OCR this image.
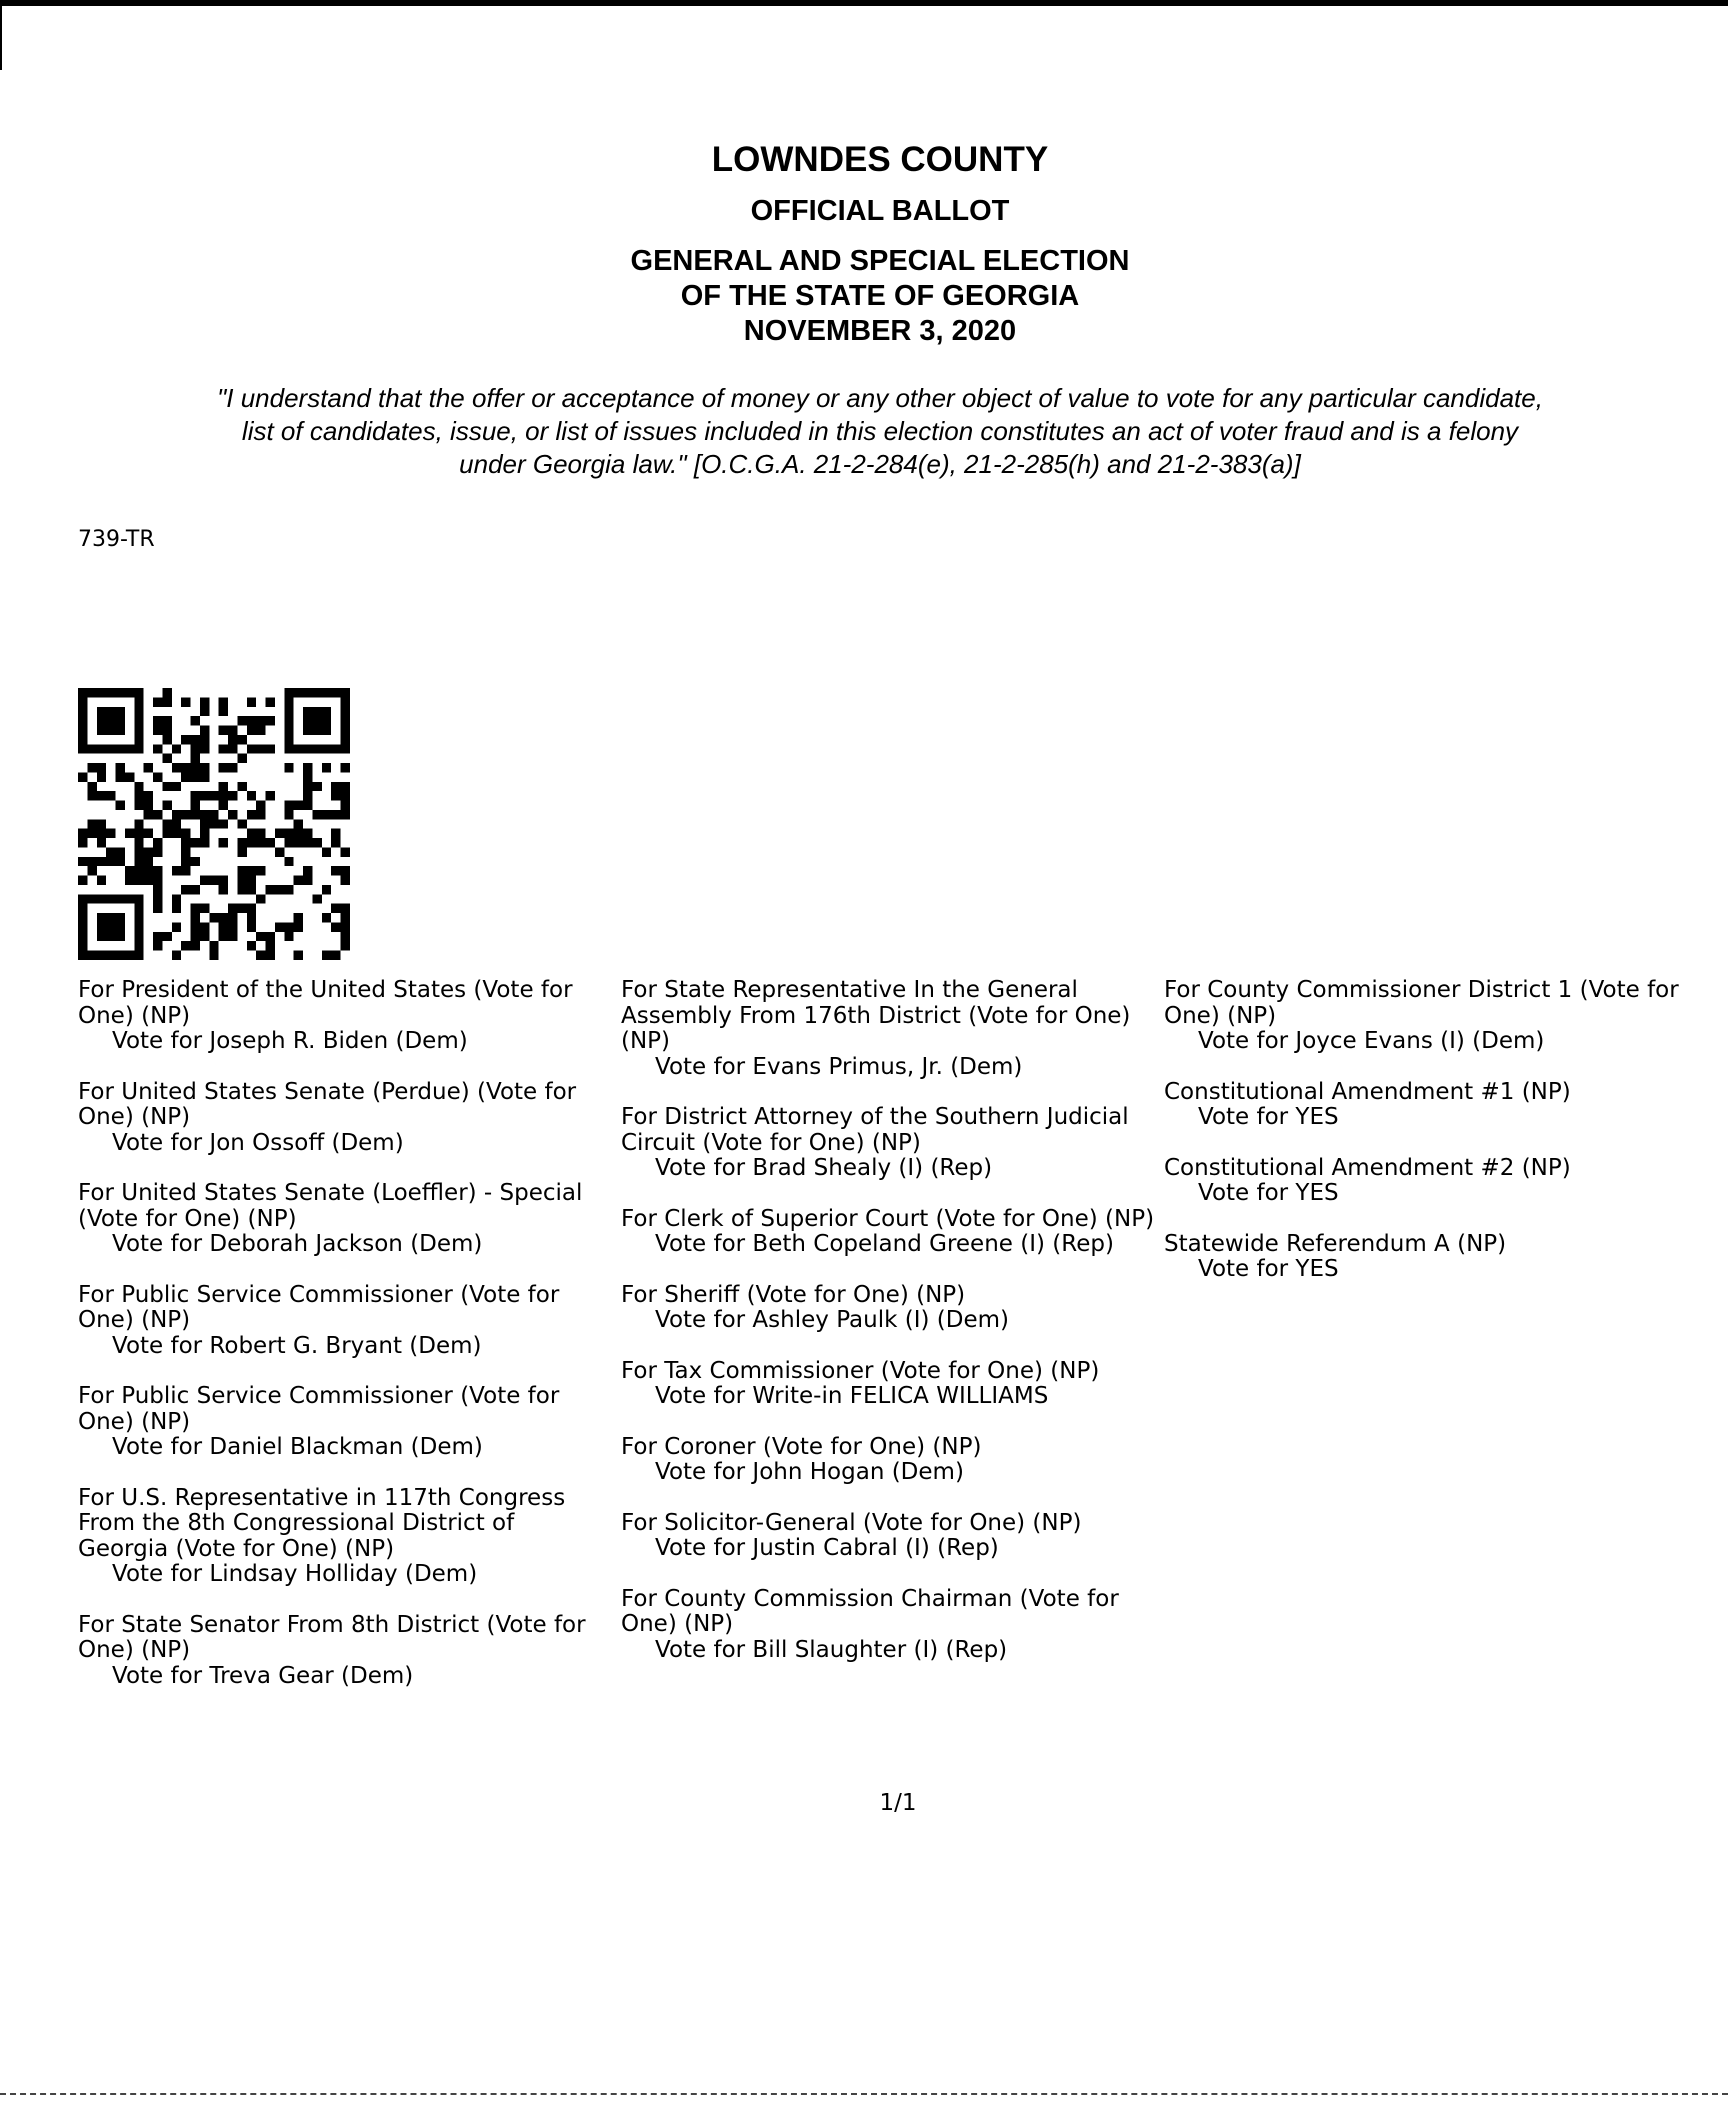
LOWNDES COUNTY
OFFICIAL BALLOT
GENERAL AND SPECIAL ELECTION
OF THE STATE OF GEORGIA
NOVEMBER 3, 2020
"I understand that the offer or acceptance of money or any other object of value to vote for any particular candidate,
list of candidates, issue, or list of issues included in this election constitutes an act of voter fraud and is a felony
under Georgia law." [O.C.G.A. 21-2-284(e), 21-2-285(h) and 21-2-383(a)]
739-TR
For President of the United States (Vote for One) (NP)
Vote for Joseph R. Biden (Dem)
For United States Senate (Perdue) (Vote for One) (NP)
Vote for Jon Ossoff (Dem)
For United States Senate (Loeffler) - Special (Vote for One) (NP)
Vote for Deborah Jackson (Dem)
For Public Service Commissioner (Vote for One) (NP)
Vote for Robert G. Bryant (Dem)
For Public Service Commissioner (Vote for One) (NP)
Vote for Daniel Blackman (Dem)
For U.S. Representative in 117th Congress From the 8th Congressional District of Georgia (Vote for One) (NP)
Vote for Lindsay Holliday (Dem)
For State Senator From 8th District (Vote for One) (NP)
Vote for Treva Gear (Dem)
For State Representative In the General Assembly From 176th District (Vote for One) (NP)
Vote for Evans Primus, Jr. (Dem)
For District Attorney of the Southern Judicial Circuit (Vote for One) (NP)
Vote for Brad Shealy (I) (Rep)
For Clerk of Superior Court (Vote for One) (NP)
Vote for Beth Copeland Greene (I) (Rep)
For Sheriff (Vote for One) (NP)
Vote for Ashley Paulk (I) (Dem)
For Tax Commissioner (Vote for One) (NP)
Vote for Write-in FELICA WILLIAMS
For Coroner (Vote for One) (NP)
Vote for John Hogan (Dem)
For Solicitor-General (Vote for One) (NP)
Vote for Justin Cabral (I) (Rep)
For County Commission Chairman (Vote for One) (NP)
Vote for Bill Slaughter (I) (Rep)
For County Commissioner District 1 (Vote for One) (NP)
Vote for Joyce Evans (I) (Dem)
Constitutional Amendment #1 (NP)
Vote for YES
Constitutional Amendment #2 (NP)
Vote for YES
Statewide Referendum A (NP)
Vote for YES
1/1
